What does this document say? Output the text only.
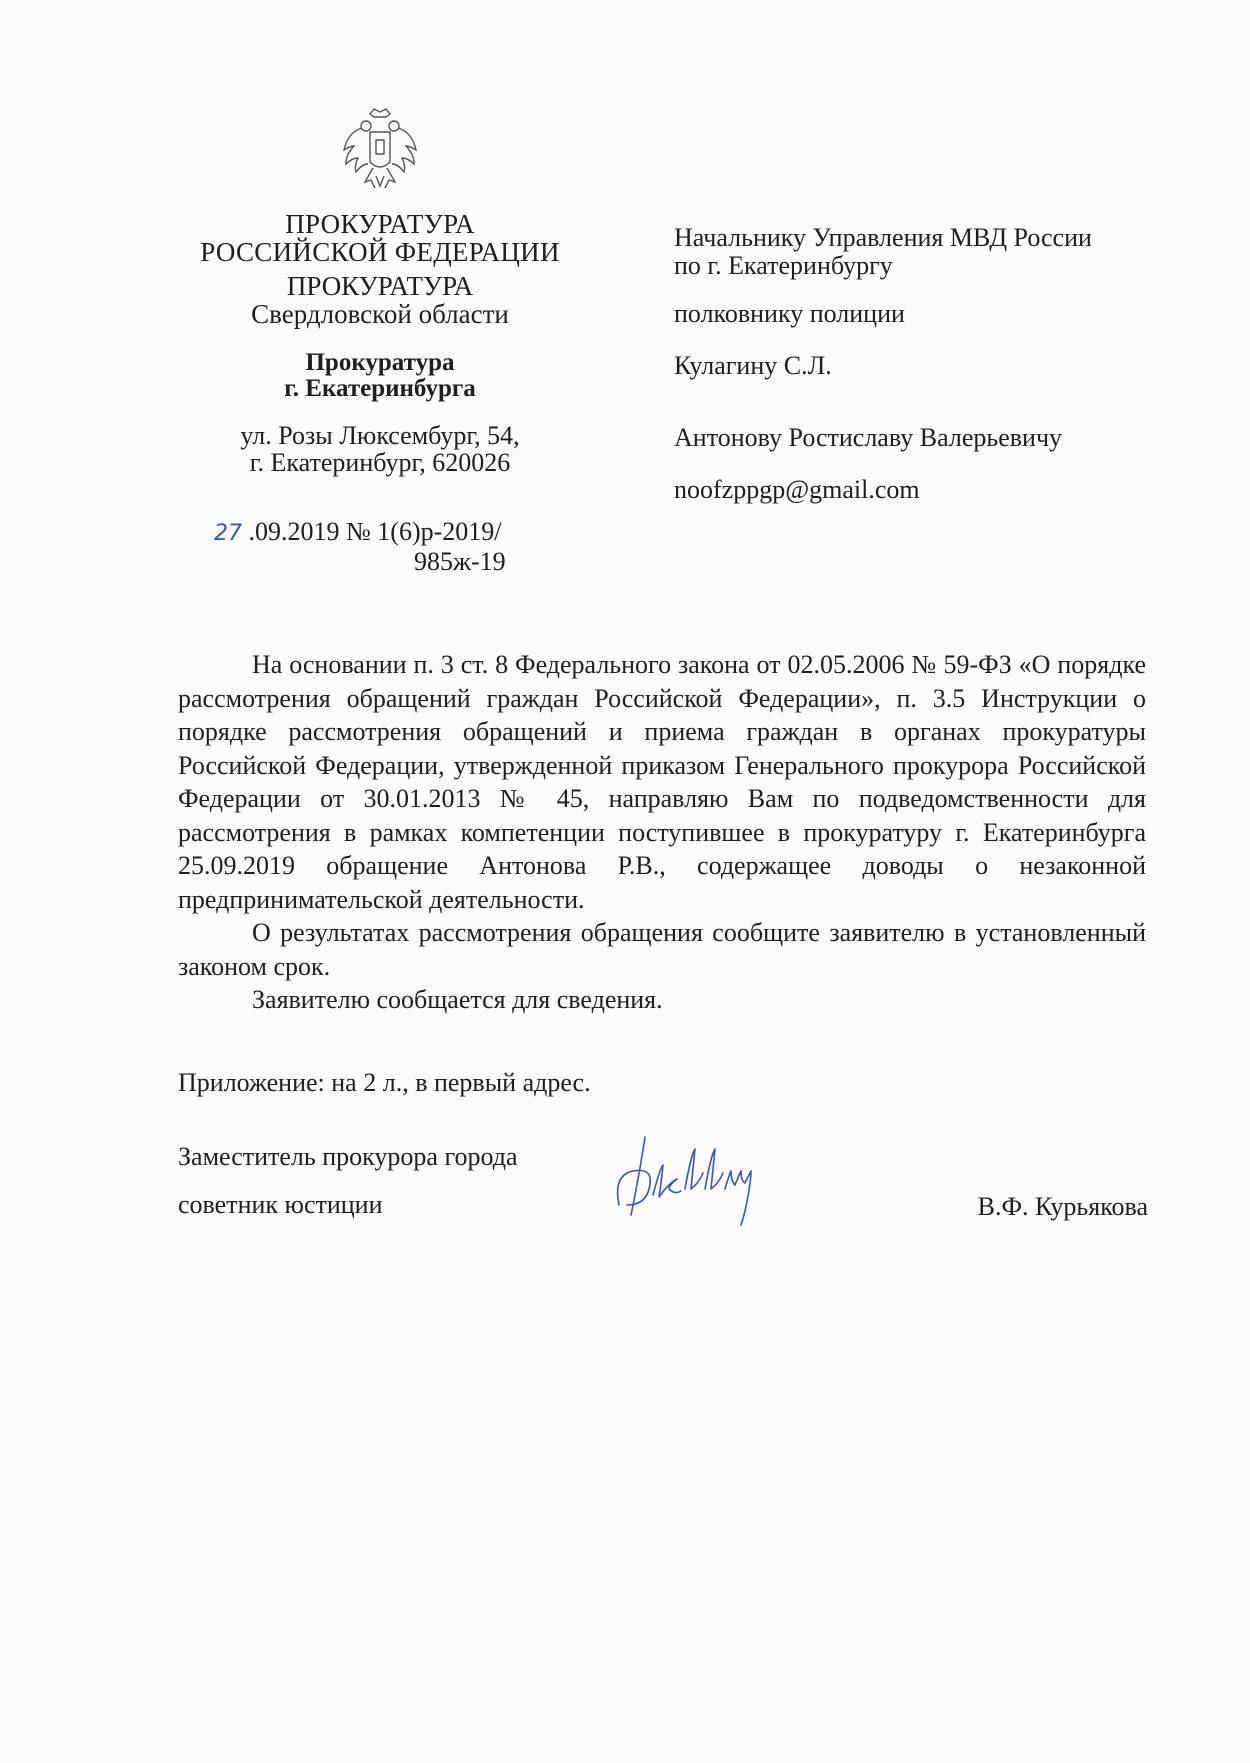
ПРОКУРАТУРА
РОССИЙСКОЙ ФЕДЕРАЦИИ
ПРОКУРАТУРА
Свердловской области
Прокуратура
г. Екатеринбурга
ул. Розы Люксембург, 54,
г. Екатеринбург, 620026
27 .09.2019 № 1(6)р-2019/
985ж-19
Начальнику Управления МВД России
по г. Екатеринбургу
полковнику полиции
Кулагину С.Л.
Антонову Ростиславу Валерьевичу
noofzppgp@gmail.com

На основании п. 3 ст. 8 Федерального закона от 02.05.2006 № 59-ФЗ «О порядке рассмотрения обращений граждан Российской Федерации», п. 3.5 Инструкции о порядке рассмотрения обращений и приема граждан в органах прокуратуры Российской Федерации, утвержденной приказом Генерального прокурора Российской Федерации от 30.01.2013 № 45, направляю Вам по подведомственности для рассмотрения в рамках компетенции поступившее в прокуратуру г. Екатеринбурга 25.09.2019 обращение Антонова Р.В., содержащее доводы о незаконной предпринимательской деятельности.

О результатах рассмотрения обращения сообщите заявителю в установленный законом срок.

Заявителю сообщается для сведения.

Приложение: на 2 л., в первый адрес.
Заместитель прокурора города
советник юстиции	В.Ф. Курьякова
